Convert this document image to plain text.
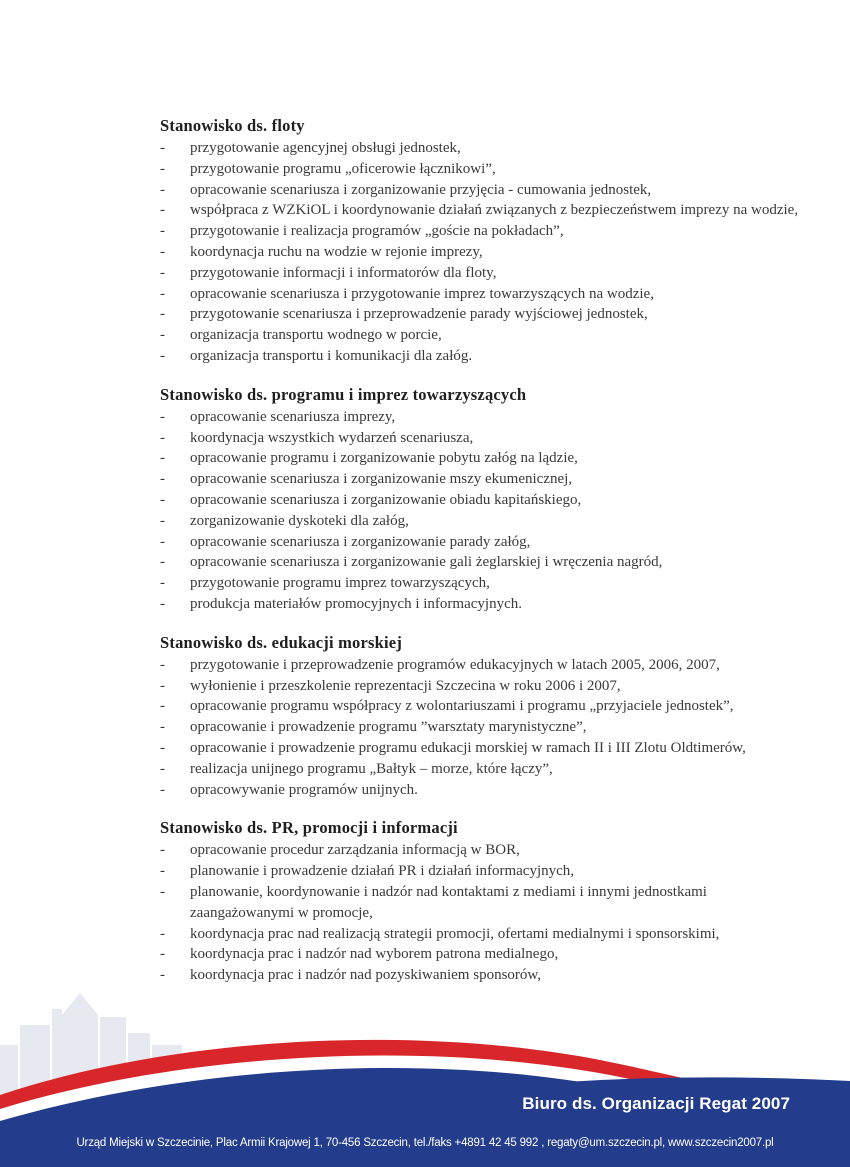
Stanowisko ds. floty
-	przygotowanie agencyjnej obsługi jednostek,
-	przygotowanie programu „oficerowie łącznikowi”,
-	opracowanie scenariusza i zorganizowanie przyjęcia - cumowania jednostek,
-	współpraca z WZKiOL i koordynowanie działań związanych z bezpieczeństwem imprezy na wodzie,
-	przygotowanie i realizacja programów „goście na pokładach”,
-	koordynacja ruchu na wodzie w rejonie imprezy,
-	przygotowanie informacji i informatorów dla floty,
-	opracowanie scenariusza i przygotowanie imprez towarzyszących na wodzie,
-	przygotowanie scenariusza i przeprowadzenie parady wyjściowej jednostek,
-	organizacja transportu wodnego w porcie,
-	organizacja transportu i komunikacji dla załóg.
Stanowisko ds. programu i imprez towarzyszących
-	opracowanie scenariusza imprezy,
-	koordynacja wszystkich wydarzeń scenariusza,
-	opracowanie programu i zorganizowanie pobytu załóg na lądzie,
-	opracowanie scenariusza i zorganizowanie mszy ekumenicznej,
-	opracowanie scenariusza i zorganizowanie obiadu kapitańskiego,
-	zorganizowanie dyskoteki dla załóg,
-	opracowanie scenariusza i zorganizowanie parady załóg,
-	opracowanie scenariusza i zorganizowanie gali żeglarskiej i wręczenia nagród,
-	przygotowanie programu imprez towarzyszących,
-	produkcja materiałów promocyjnych i informacyjnych.
Stanowisko ds. edukacji morskiej
-	przygotowanie i przeprowadzenie programów edukacyjnych w latach 2005, 2006, 2007,
-	wyłonienie i przeszkolenie reprezentacji Szczecina w roku 2006 i 2007,
-	opracowanie programu współpracy z wolontariuszami i programu „przyjaciele jednostek”,
-	opracowanie i prowadzenie programu ”warsztaty marynistyczne”,
-	opracowanie i prowadzenie programu edukacji morskiej w ramach II i III Zlotu Oldtimerów,
-	realizacja unijnego programu „Bałtyk – morze, które łączy”,
-	opracowywanie programów unijnych.
Stanowisko ds. PR, promocji i informacji
-	opracowanie procedur zarządzania informacją w BOR,
-	planowanie i prowadzenie działań PR i działań informacyjnych,
-	planowanie, koordynowanie i nadzór nad kontaktami z mediami i innymi jednostkami zaangażowanymi w promocje,
-	koordynacja prac nad realizacją strategii promocji, ofertami medialnymi i sponsorskimi,
-	koordynacja prac i nadzór nad wyborem patrona medialnego,
-	koordynacja prac i nadzór nad pozyskiwaniem sponsorów,
Biuro ds. Organizacji Regat 2007
Urząd Miejski w Szczecinie, Plac Armii Krajowej 1, 70-456 Szczecin, tel./faks +4891 42 45 992 , regaty@um.szczecin.pl, www.szczecin2007.pl
